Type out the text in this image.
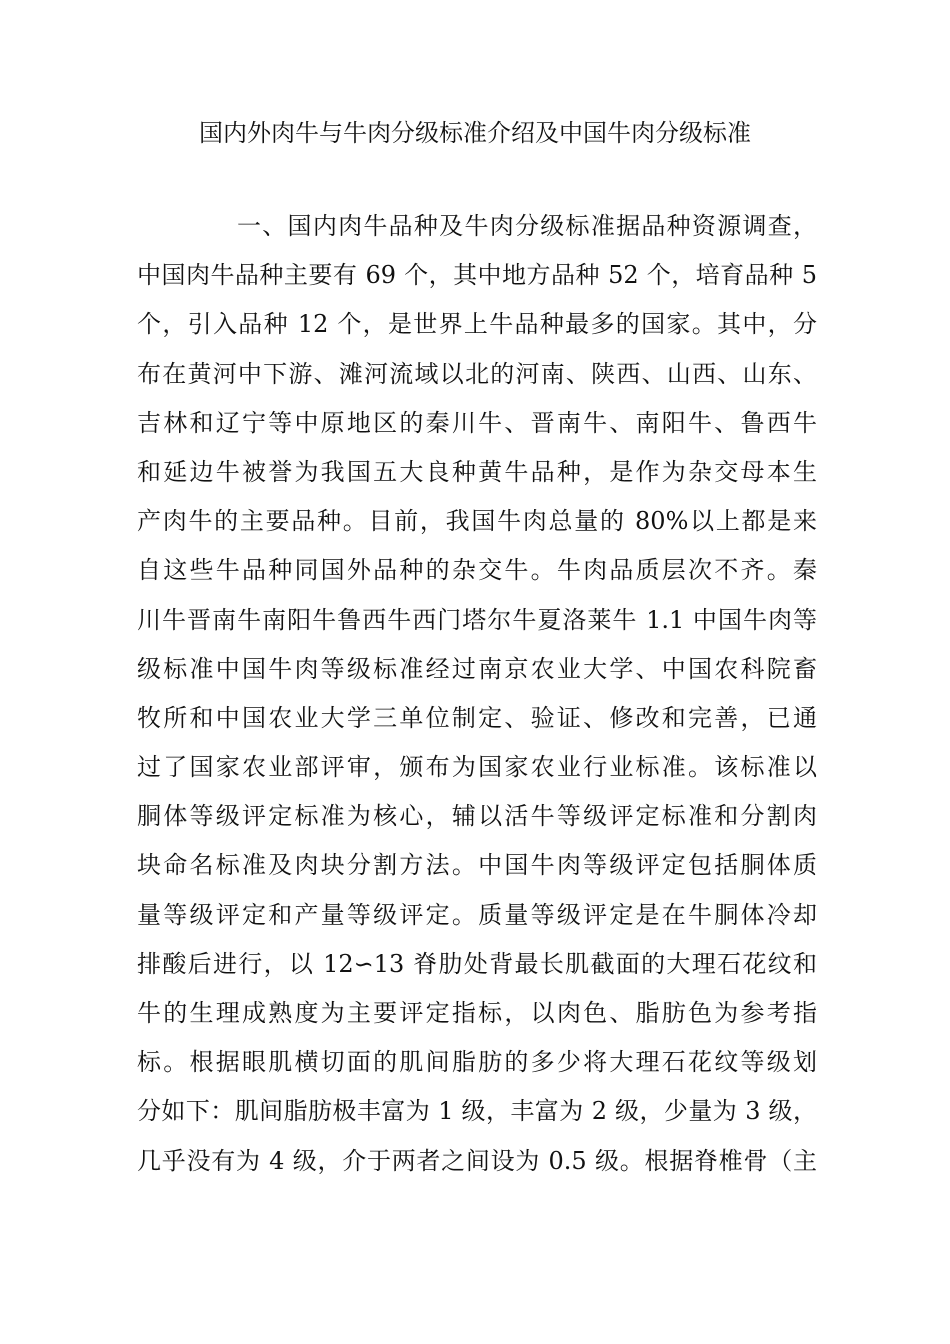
国内外肉牛与牛肉分级标准介绍及中国牛肉分级标准
一、国内肉牛品种及牛肉分级标准据品种资源调查，
中国肉牛品种主要有 69 个，其中地方品种 52 个，培育品种 5
个，引入品种 12 个，是世界上牛品种最多的国家。其中，分
布在黄河中下游、滩河流域以北的河南、陕西、山西、山东、
吉林和辽宁等中原地区的秦川牛、晋南牛、南阳牛、鲁西牛
和延边牛被誉为我国五大良种黄牛品种，是作为杂交母本生
产肉牛的主要品种。目前，我国牛肉总量的 80%以上都是来
自这些牛品种同国外品种的杂交牛。牛肉品质层次不齐。秦
川牛晋南牛南阳牛鲁西牛西门塔尔牛夏洛莱牛 1.1 中国牛肉等
级标准中国牛肉等级标准经过南京农业大学、中国农科院畜
牧所和中国农业大学三单位制定、验证、修改和完善，已通
过了国家农业部评审，颁布为国家农业行业标准。该标准以
胴体等级评定标准为核心，辅以活牛等级评定标准和分割肉
块命名标准及肉块分割方法。中国牛肉等级评定包括胴体质
量等级评定和产量等级评定。质量等级评定是在牛胴体冷却
排酸后进行，以 12∽13 脊肋处背最长肌截面的大理石花纹和
牛的生理成熟度为主要评定指标，以肉色、脂肪色为参考指
标。根据眼肌横切面的肌间脂肪的多少将大理石花纹等级划
分如下：肌间脂肪极丰富为 1 级，丰富为 2 级，少量为 3 级，
几乎没有为 4 级，介于两者之间设为 0.5 级。根据脊椎骨（主
